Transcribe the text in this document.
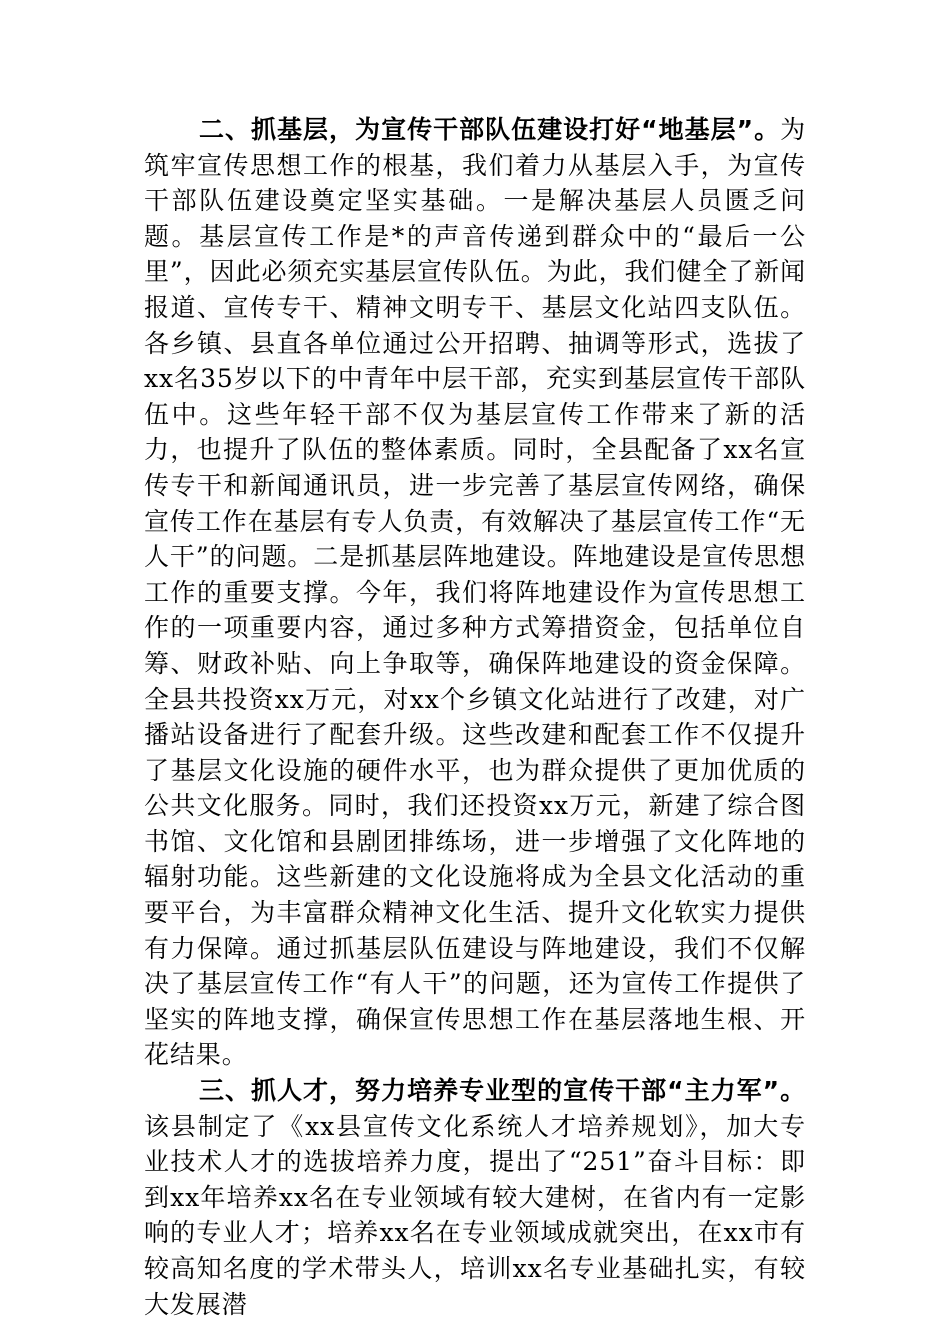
二、抓基层，为宣传干部队伍建设打好“地基层”。为筑牢宣传思想工作的根基，我们着力从基层入手，为宣传干部队伍建设奠定坚实基础。一是解决基层人员匮乏问题。基层宣传工作是*的声音传递到群众中的“最后一公里”，因此必须充实基层宣传队伍。为此，我们健全了新闻报道、宣传专干、精神文明专干、基层文化站四支队伍。各乡镇、县直各单位通过公开招聘、抽调等形式，选拔了xx名35岁以下的中青年中层干部，充实到基层宣传干部队伍中。这些年轻干部不仅为基层宣传工作带来了新的活力，也提升了队伍的整体素质。同时，全县配备了xx名宣传专干和新闻通讯员，进一步完善了基层宣传网络，确保宣传工作在基层有专人负责，有效解决了基层宣传工作“无人干”的问题。二是抓基层阵地建设。阵地建设是宣传思想工作的重要支撑。今年，我们将阵地建设作为宣传思想工作的一项重要内容，通过多种方式筹措资金，包括单位自筹、财政补贴、向上争取等，确保阵地建设的资金保障。全县共投资xx万元，对xx个乡镇文化站进行了改建，对广播站设备进行了配套升级。这些改建和配套工作不仅提升了基层文化设施的硬件水平，也为群众提供了更加优质的公共文化服务。同时，我们还投资xx万元，新建了综合图书馆、文化馆和县剧团排练场，进一步增强了文化阵地的辐射功能。这些新建的文化设施将成为全县文化活动的重要平台，为丰富群众精神文化生活、提升文化软实力提供有力保障。通过抓基层队伍建设与阵地建设，我们不仅解决了基层宣传工作“有人干”的问题，还为宣传工作提供了坚实的阵地支撑，确保宣传思想工作在基层落地生根、开花结果。

三、抓人才，努力培养专业型的宣传干部“主力军”。该县制定了《xx县宣传文化系统人才培养规划》，加大专业技术人才的选拔培养力度，提出了“251”奋斗目标：即到xx年培养xx名在专业领域有较大建树，在省内有一定影响的专业人才；培养xx名在专业领域成就突出，在xx市有较高知名度的学术带头人，培训xx名专业基础扎实，有较大发展潜
